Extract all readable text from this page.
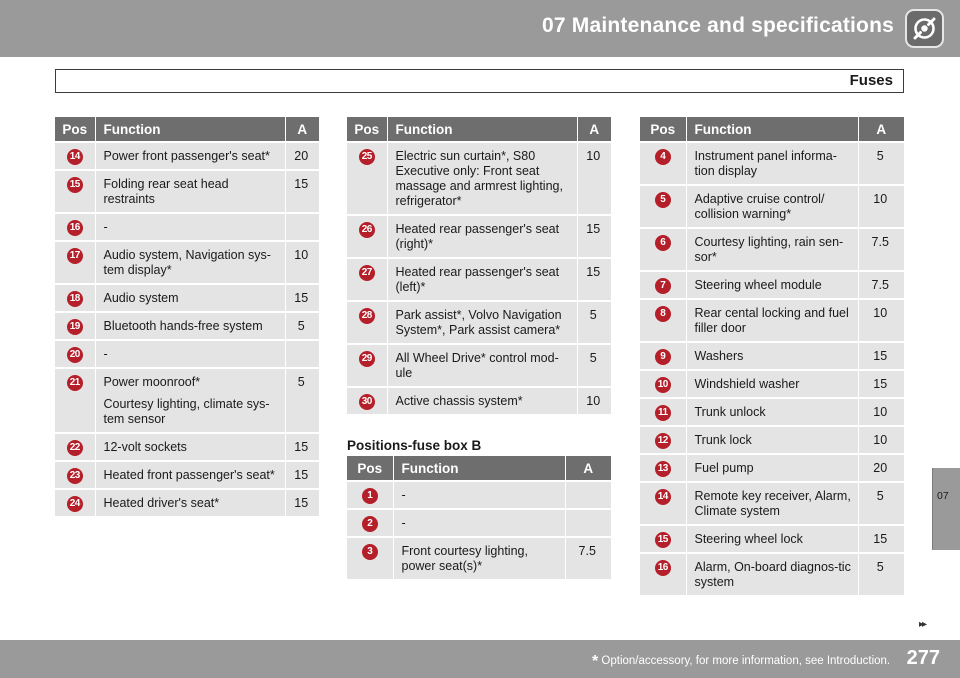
07 Maintenance and specifications
Fuses
Pos	Function	A
14	Power front passenger's seat*	20
15	Folding rear seat head restraints	15
16	-	

17	Audio system, Navigation sys-tem display*	10
18	Audio system	15
19	Bluetooth hands-free system	5
20	-	

21	Power moonroof*

Courtesy lighting, climate sys-tem sensor	5
22	12-volt sockets	15
23	Heated front passenger's seat*	15
24	Heated driver's seat*	15
Pos	Function	A
25	Electric sun curtain*, S80 Executive only: Front seat massage and armrest lighting, refrigerator*	10
26	Heated rear passenger's seat (right)*	15
27	Heated rear passenger's seat (left)*	15
28	Park assist*, Volvo Navigation System*, Park assist camera*	5
29	All Wheel Drive* control mod-ule	5
30	Active chassis system*	10
Positions-fuse box B
Pos	Function	A
1	-	

2	-	

3	Front courtesy lighting, power seat(s)*	7.5
Pos	Function	A
4	Instrument panel informa-tion display	5
5	Adaptive cruise control/ collision warning*	10
6	Courtesy lighting, rain sen-sor*	7.5
7	Steering wheel module	7.5
8	Rear cental locking and fuel filler door	10
9	Washers	15
10	Windshield washer	15
11	Trunk unlock	10
12	Trunk lock	10
13	Fuel pump	20
14	Remote key receiver, Alarm, Climate system	5
15	Steering wheel lock	15
16	Alarm, On-board diagnos-tic system	5
07
▸▸
* Option/accessory, for more information, see Introduction. 277
